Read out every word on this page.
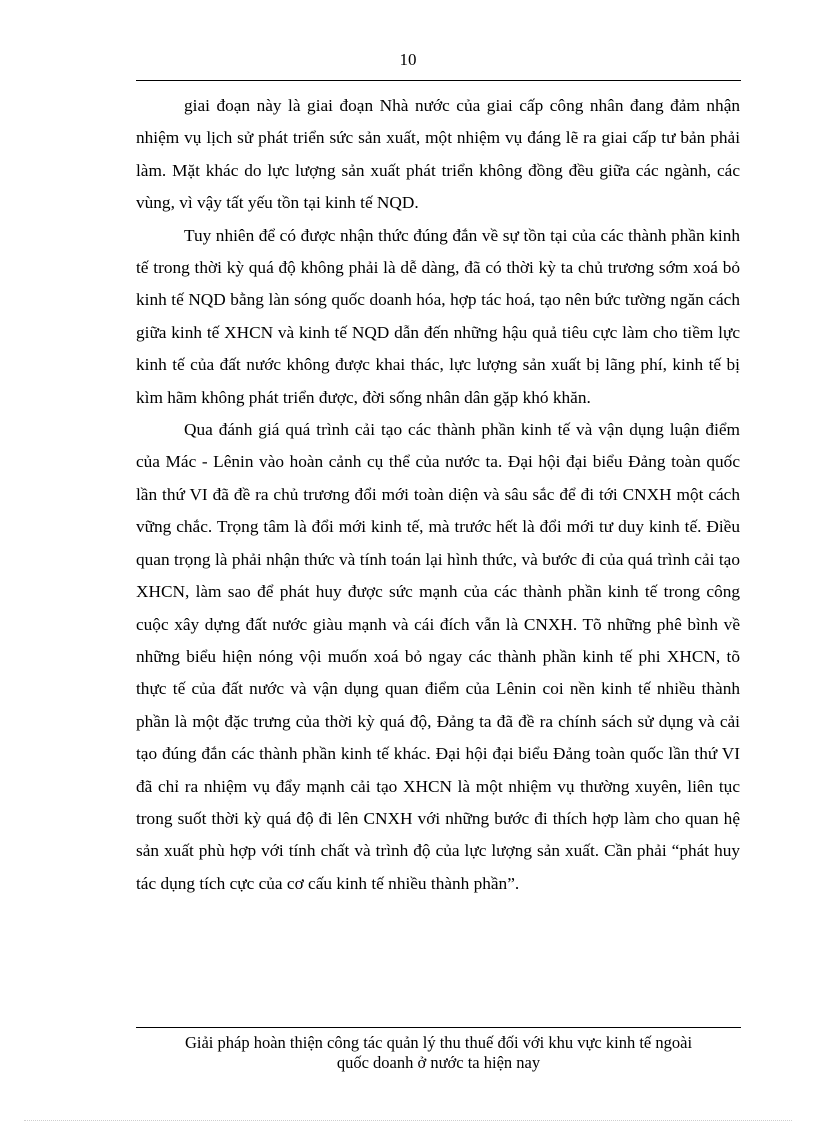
10

giai đoạn này là giai đoạn Nhà nước của giai cấp công nhân đang đảm nhận nhiệm vụ lịch sử phát triển sức sản xuất, một nhiệm vụ đáng lẽ ra giai cấp tư bản phải làm. Mặt khác do lực lượng sản xuất phát triển không đồng đều giữa các ngành, các vùng, vì vậy tất yếu tồn tại kinh tế NQD.

Tuy nhiên để có được nhận thức đúng đắn về sự tồn tại của các thành phần kinh tế trong thời kỳ quá độ không phải là dễ dàng, đã có thời kỳ ta chủ trương sớm xoá bỏ kinh tế NQD bằng làn sóng quốc doanh hóa, hợp tác hoá, tạo nên bức tường ngăn cách giữa kinh tế XHCN và kinh tế NQD dẫn đến những hậu quả tiêu cực làm cho tiềm lực kinh tế của đất nước không được khai thác, lực lượng sản xuất bị lãng phí, kinh tế bị kìm hãm không phát triển được, đời sống nhân dân gặp khó khăn.

Qua đánh giá quá trình cải tạo các thành phần kinh tế và vận dụng luận điểm của Mác - Lênin vào hoàn cảnh cụ thể của nước ta. Đại hội đại biểu Đảng toàn quốc lần thứ VI đã đề ra chủ trương đổi mới toàn diện và sâu sắc để đi tới CNXH một cách vững chắc. Trọng tâm là đổi mới kinh tế, mà trước hết là đổi mới tư duy kinh tế. Điều quan trọng là phải nhận thức và tính toán lại hình thức, và bước đi của quá trình cải tạo XHCN, làm sao để phát huy được sức mạnh của các thành phần kinh tế trong công cuộc xây dựng đất nước giàu mạnh và cái đích vẫn là CNXH. Tõ những phê bình về những biểu hiện nóng vội muốn xoá bỏ ngay các thành phần kinh tế phi XHCN, tõ thực tế của đất nước và vận dụng quan điểm của Lênin coi nền kinh tế nhiều thành phần là một đặc trưng của thời kỳ quá độ, Đảng ta đã đề ra chính sách sử dụng và cải tạo đúng đắn các thành phần kinh tế khác. Đại hội đại biểu Đảng toàn quốc lần thứ VI đã chỉ ra nhiệm vụ đẩy mạnh cải tạo XHCN là một nhiệm vụ thường xuyên, liên tục trong suốt thời kỳ quá độ đi lên CNXH với những bước đi thích hợp làm cho quan hệ sản xuất phù hợp với tính chất và trình độ của lực lượng sản xuất. Cần phải “phát huy tác dụng tích cực của cơ cấu kinh tế nhiều thành phần”.

Giải pháp hoàn thiện công tác quản lý thu thuế đối với khu vực kinh tế ngoài
quốc doanh ở nước ta hiện nay
